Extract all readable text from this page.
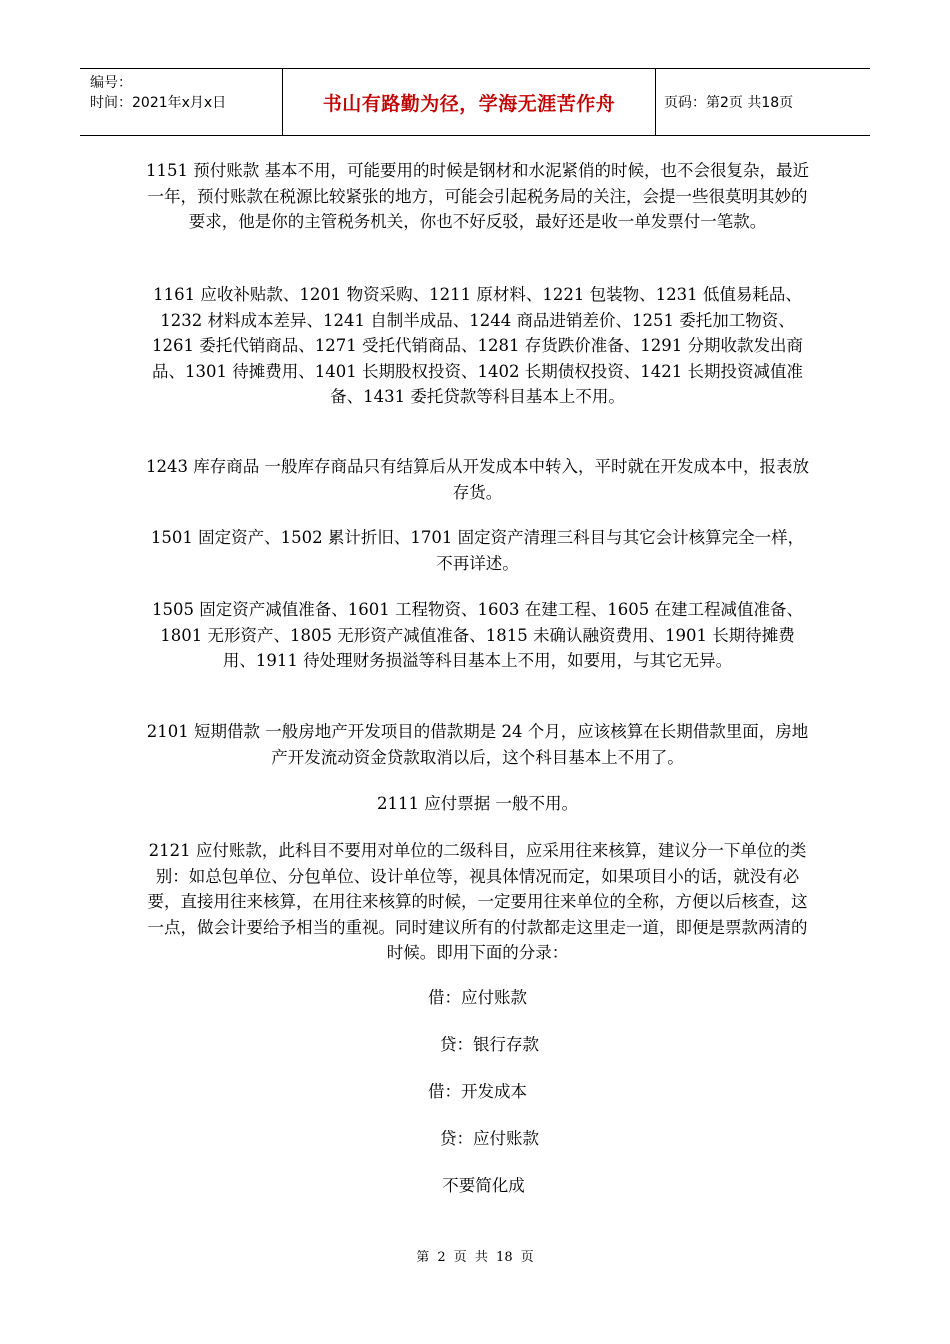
编号：
时间：2021年x月x日	书山有路勤为径，学海无涯苦作舟	页码：第2页 共18页
1151 预付账款 基本不用，可能要用的时候是钢材和水泥紧俏的时候，也不会很复杂，最近一年，预付账款在税源比较紧张的地方，可能会引起税务局的关注，会提一些很莫明其妙的要求，他是你的主管税务机关，你也不好反驳，最好还是收一单发票付一笔款。
1161 应收补贴款、1201 物资采购、1211 原材料、1221 包装物、1231 低值易耗品、1232 材料成本差异、1241 自制半成品、1244 商品进销差价、1251 委托加工物资、1261 委托代销商品、1271 受托代销商品、1281 存货跌价准备、1291 分期收款发出商品、1301 待摊费用、1401 长期股权投资、1402 长期债权投资、1421 长期投资减值准备、1431 委托贷款等科目基本上不用。
1243 库存商品 一般库存商品只有结算后从开发成本中转入，平时就在开发成本中，报表放存货。
1501 固定资产、1502 累计折旧、1701 固定资产清理三科目与其它会计核算完全一样，不再详述。
1505 固定资产减值准备、1601 工程物资、1603 在建工程、1605 在建工程减值准备、1801 无形资产、1805 无形资产减值准备、1815 未确认融资费用、1901 长期待摊费用、1911 待处理财务损溢等科目基本上不用，如要用，与其它无异。
2101 短期借款 一般房地产开发项目的借款期是 24 个月，应该核算在长期借款里面，房地产开发流动资金贷款取消以后，这个科目基本上不用了。
2111 应付票据 一般不用。
2121 应付账款，此科目不要用对单位的二级科目，应采用往来核算，建议分一下单位的类别：如总包单位、分包单位、设计单位等，视具体情况而定，如果项目小的话，就没有必要，直接用往来核算，在用往来核算的时候，一定要用往来单位的全称，方便以后核查，这一点，做会计要给予相当的重视。同时建议所有的付款都走这里走一道，即便是票款两清的时候。即用下面的分录：
借：应付账款
贷：银行存款
借：开发成本
贷：应付账款
不要简化成
第 2 页 共 18 页
